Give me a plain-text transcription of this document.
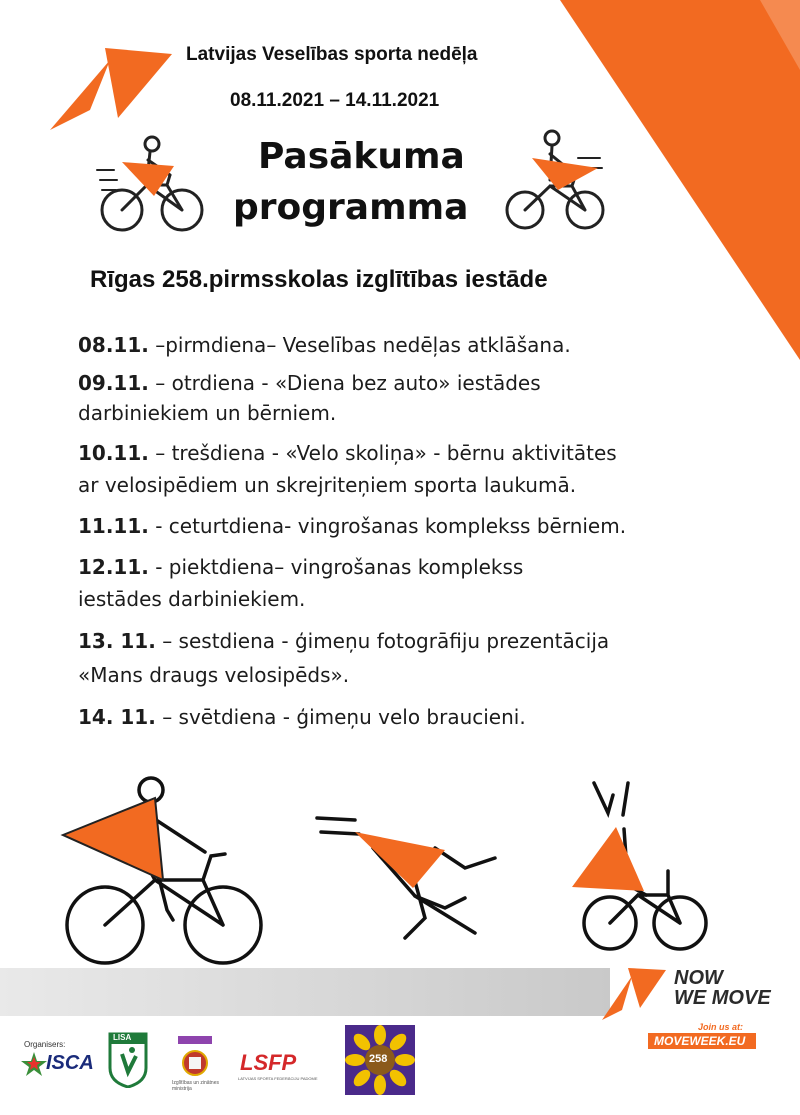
Latvijas Veselības sporta nedēļa
08.11.2021 – 14.11.2021
Pasākuma
programma
Rīgas 258.pirmsskolas izglītības iestāde
08.11. –pirmdiena– Veselības nedēļas atklāšana.
09.11. – otrdiena - «Diena bez auto» iestādes
darbiniekiem un bērniem.
10.11. – trešdiena - «Velo skoliņa» - bērnu aktivitātes
ar velosipēdiem un skrejriteņiem sporta laukumā.
11.11. - ceturtdiena- vingrošanas komplekss bērniem.
12.11. - piektdiena– vingrošanas komplekss
iestādes darbiniekiem.
13. 11. – sestdiena - ģimeņu fotogrāfiju prezentācija
«Mans draugs velosipēds».
14. 11. – svētdiena - ģimeņu velo braucieni.
NOW
WE MOVE
Join us at:
MOVEWEEK.EU
Organisers:
ISCA
LISA
Izglītības un zinātnes ministrija
LSFP
LATVIJAS SPORTA FEDERĀCIJU PADOME
258
